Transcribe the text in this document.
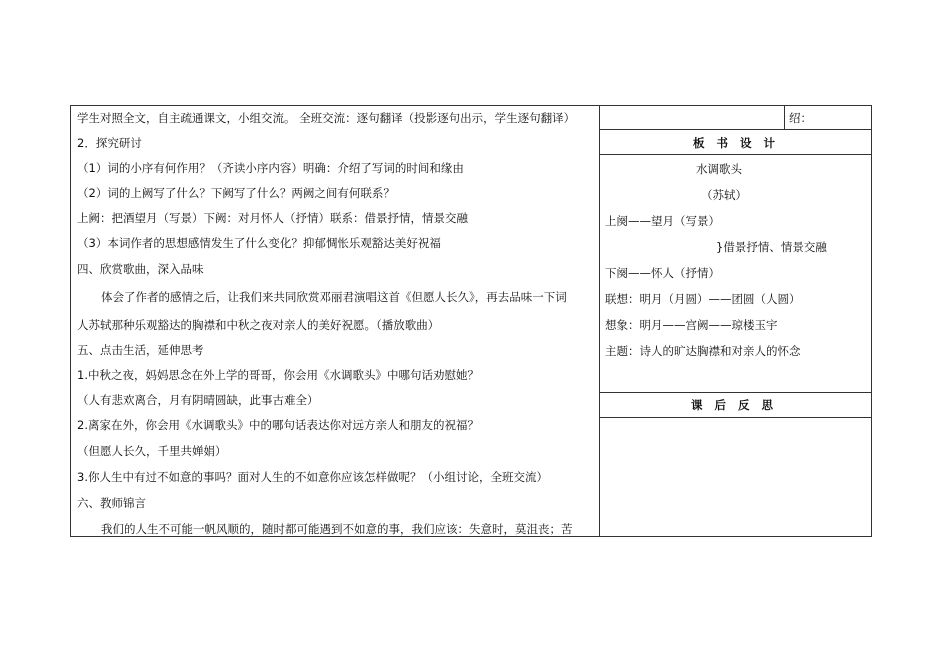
学生对照全文，自主疏通课文，小组交流。 全班交流：逐句翻译（投影逐句出示，学生逐句翻译）
2．探究研讨
（1）词的小序有何作用？（齐读小序内容）明确：介绍了写词的时间和缘由
（2）词的上阙写了什么？下阙写了什么？两阙之间有何联系？
上阙：把酒望月（写景）下阙：对月怀人（抒情）联系：借景抒情，情景交融
（3）本词作者的思想感情发生了什么变化？抑郁惆怅乐观豁达美好祝福
四、欣赏歌曲，深入品味
体会了作者的感情之后，让我们来共同欣赏邓丽君演唱这首《但愿人长久》，再去品味一下词
人苏轼那种乐观豁达的胸襟和中秋之夜对亲人的美好祝愿。（播放歌曲）
五、点击生活，延伸思考
1.中秋之夜，妈妈思念在外上学的哥哥，你会用《水调歌头》中哪句话劝慰她？
（人有悲欢离合，月有阴晴圆缺，此事古难全）
2.离家在外，你会用《水调歌头》中的哪句话表达你对远方亲人和朋友的祝福？
（但愿人长久，千里共婵娟）
3.你人生中有过不如意的事吗？面对人生的不如意你应该怎样做呢？（小组讨论，全班交流）
六、教师锦言
我们的人生不可能一帆风顺的，随时都可能遇到不如意的事，我们应该：失意时，莫沮丧；苦
绍：
板书设计
水调歌头
（苏轼）
上阕——望月（写景）
}借景抒情、情景交融
下阕——怀人（抒情）
联想：明月（月圆）——团圆（人圆）
想象：明月——宫阙——琼楼玉宇
主题：诗人的旷达胸襟和对亲人的怀念
课后反思
